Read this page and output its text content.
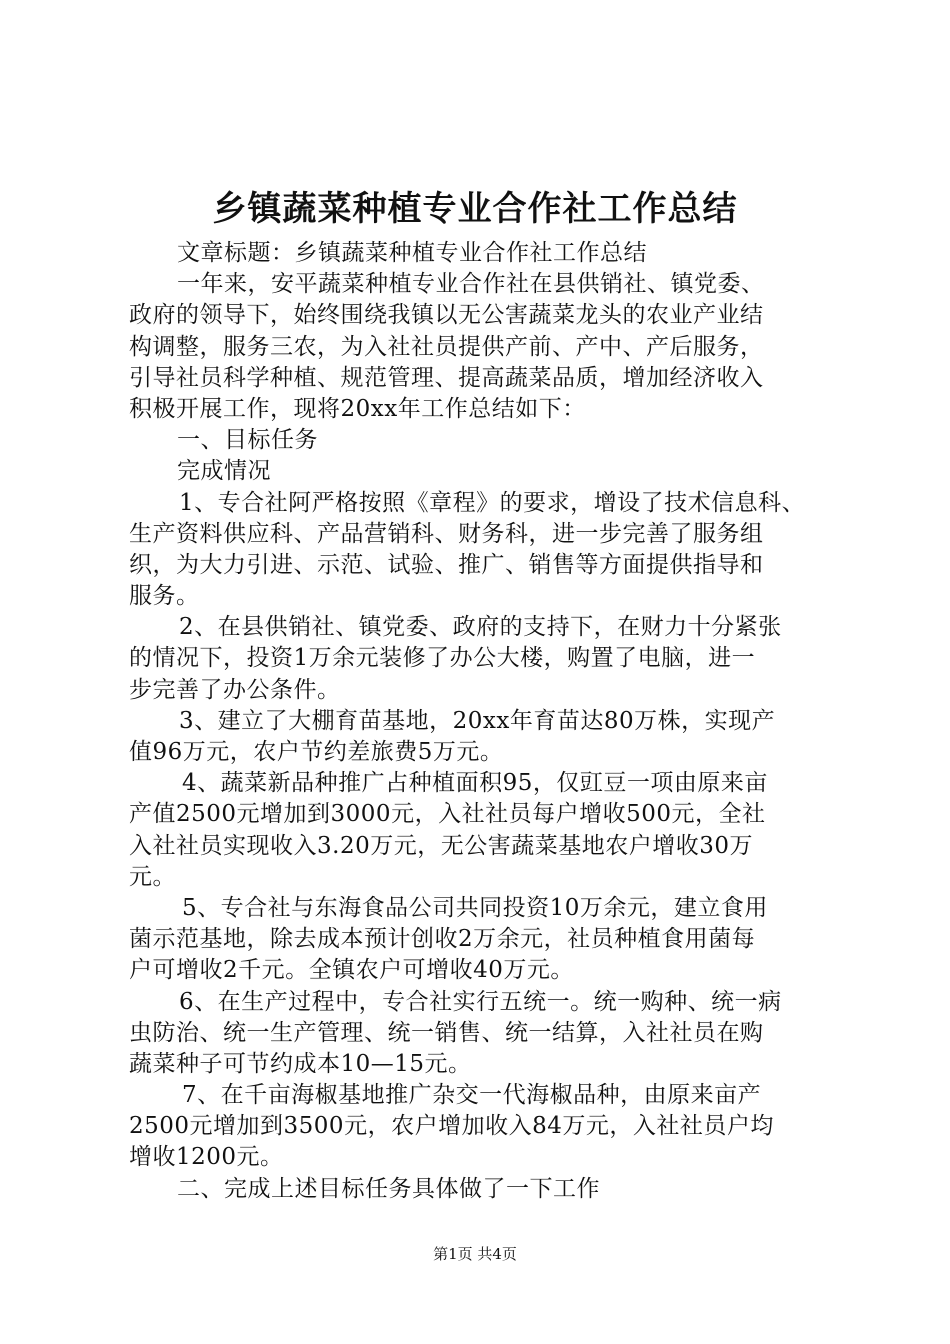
乡镇蔬菜种植专业合作社工作总结
文章标题：乡镇蔬菜种植专业合作社工作总结
一年来，安平蔬菜种植专业合作社在县供销社、镇党委、
政府的领导下，始终围绕我镇以无公害蔬菜龙头的农业产业结
构调整，服务三农，为入社社员提供产前、产中、产后服务，
引导社员科学种植、规范管理、提高蔬菜品质，增加经济收入
积极开展工作，现将20xx年工作总结如下：
一、目标任务
完成情况
1、专合社阿严格按照《章程》的要求，增设了技术信息科、
生产资料供应科、产品营销科、财务科，进一步完善了服务组
织，为大力引进、示范、试验、推广、销售等方面提供指导和
服务。
2、在县供销社、镇党委、政府的支持下，在财力十分紧张
的情况下，投资1万余元装修了办公大楼，购置了电脑，进一
步完善了办公条件。
3、建立了大棚育苗基地，20xx年育苗达80万株，实现产
值96万元，农户节约差旅费5万元。
4、蔬菜新品种推广占种植面积95，仅豇豆一项由原来亩
产值2500元增加到3000元，入社社员每户增收500元，全社
入社社员实现收入3.20万元，无公害蔬菜基地农户增收30万
元。
5、专合社与东海食品公司共同投资10万余元，建立食用
菌示范基地，除去成本预计创收2万余元，社员种植食用菌每
户可增收2千元。全镇农户可增收40万元。
6、在生产过程中，专合社实行五统一。统一购种、统一病
虫防治、统一生产管理、统一销售、统一结算，入社社员在购
蔬菜种子可节约成本10—15元。
7、在千亩海椒基地推广杂交一代海椒品种，由原来亩产
2500元增加到3500元，农户增加收入84万元，入社社员户均
增收1200元。
二、完成上述目标任务具体做了一下工作
第1页 共4页
